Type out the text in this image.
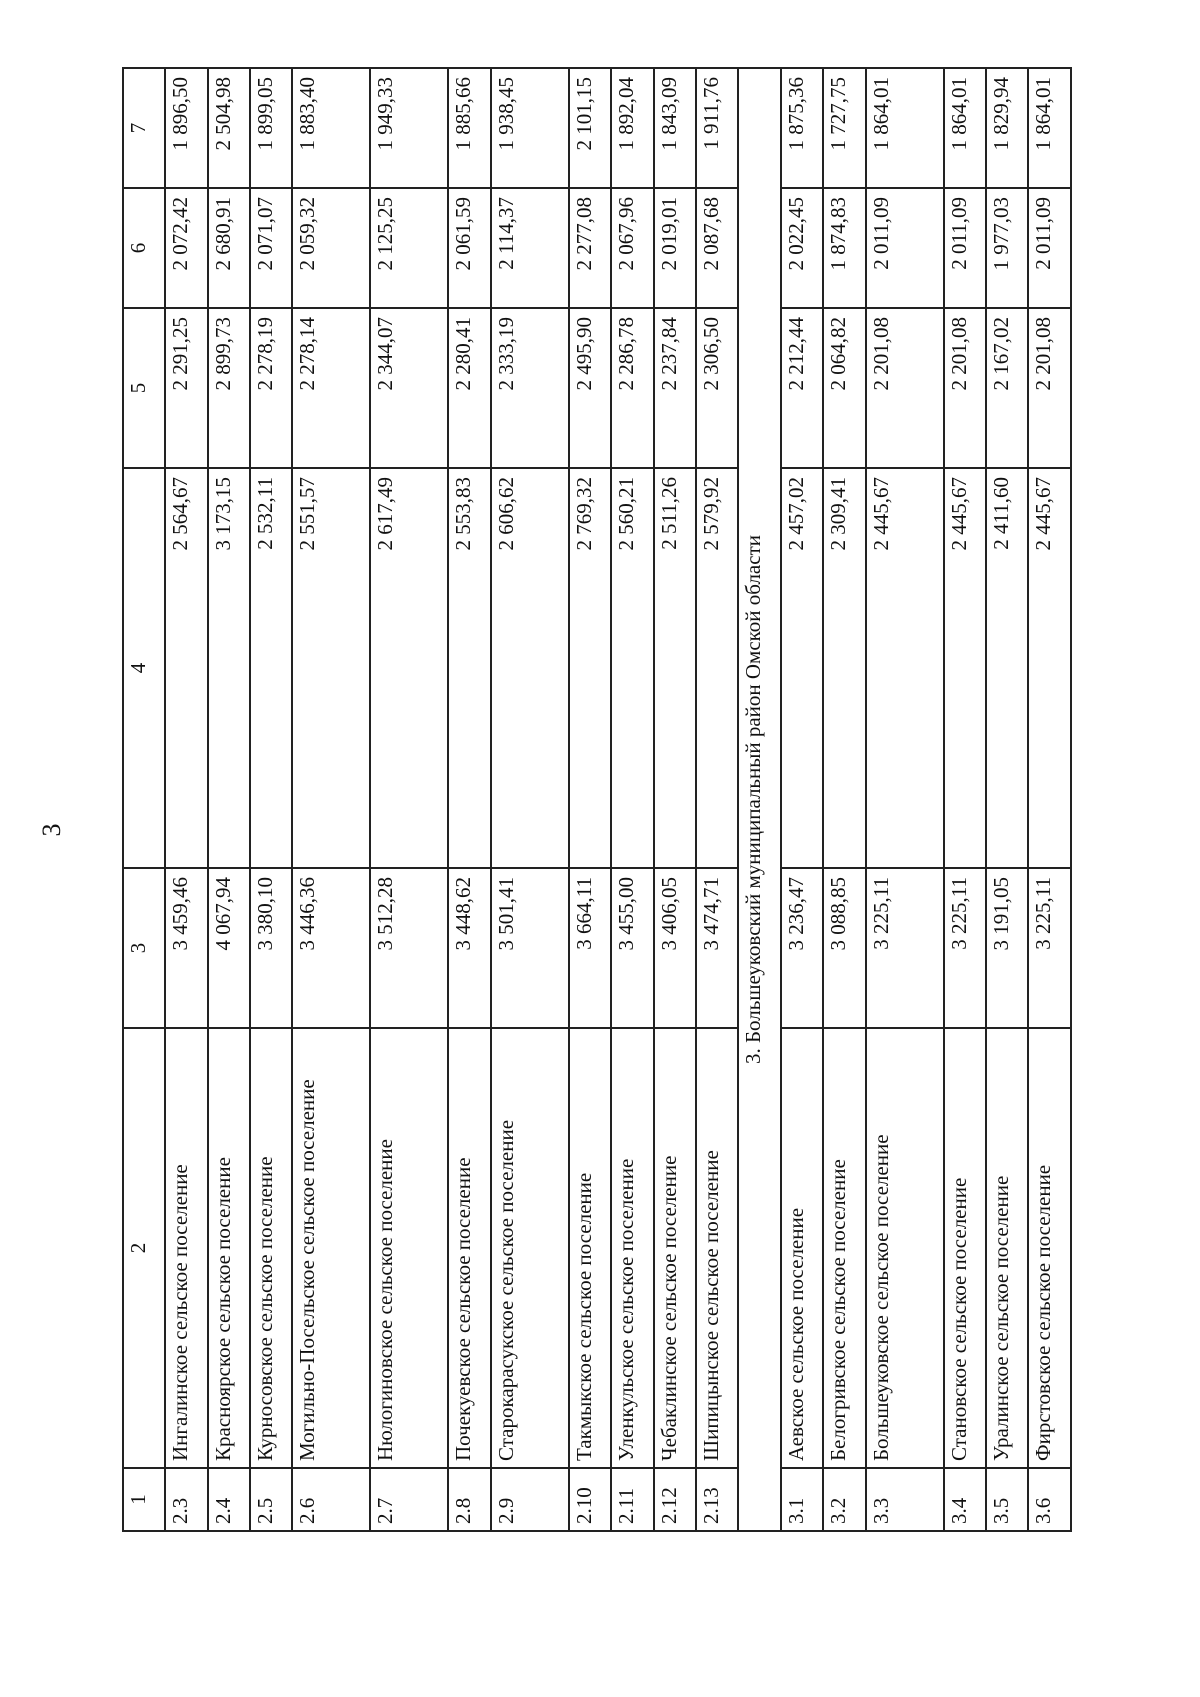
3
1	2	3	4	5	6	7
2.3	Ингалинское сельское поселение	3 459,46	2 564,67	2 291,25	2 072,42	1 896,50
2.4	Красноярское сельское поселение	4 067,94	3 173,15	2 899,73	2 680,91	2 504,98
2.5	Курносовское сельское поселение	3 380,10	2 532,11	2 278,19	2 071,07	1 899,05
2.6	Могильно-Посельское сельское поселение	3 446,36	2 551,57	2 278,14	2 059,32	1 883,40
2.7	Нюлогиновское сельское поселение	3 512,28	2 617,49	2 344,07	2 125,25	1 949,33
2.8	Почекуевское сельское поселение	3 448,62	2 553,83	2 280,41	2 061,59	1 885,66
2.9	Старокарасукское сельское поселение	3 501,41	2 606,62	2 333,19	2 114,37	1 938,45
2.10	Такмыкское сельское поселение	3 664,11	2 769,32	2 495,90	2 277,08	2 101,15
2.11	Уленкульское сельское поселение	3 455,00	2 560,21	2 286,78	2 067,96	1 892,04
2.12	Чебаклинское сельское поселение	3 406,05	2 511,26	2 237,84	2 019,01	1 843,09
2.13	Шипицынское сельское поселение	3 474,71	2 579,92	2 306,50	2 087,68	1 911,76
3. Большеуковский муниципальный район Омской области						
3.1	Аевское сельское поселение	3 236,47	2 457,02	2 212,44	2 022,45	1 875,36
3.2	Белогривское сельское поселение	3 088,85	2 309,41	2 064,82	1 874,83	1 727,75
3.3	Большеуковское сельское поселение	3 225,11	2 445,67	2 201,08	2 011,09	1 864,01
3.4	Становское сельское поселение	3 225,11	2 445,67	2 201,08	2 011,09	1 864,01
3.5	Уралинское сельское поселение	3 191,05	2 411,60	2 167,02	1 977,03	1 829,94
3.6	Фирстовское сельское поселение	3 225,11	2 445,67	2 201,08	2 011,09	1 864,01
